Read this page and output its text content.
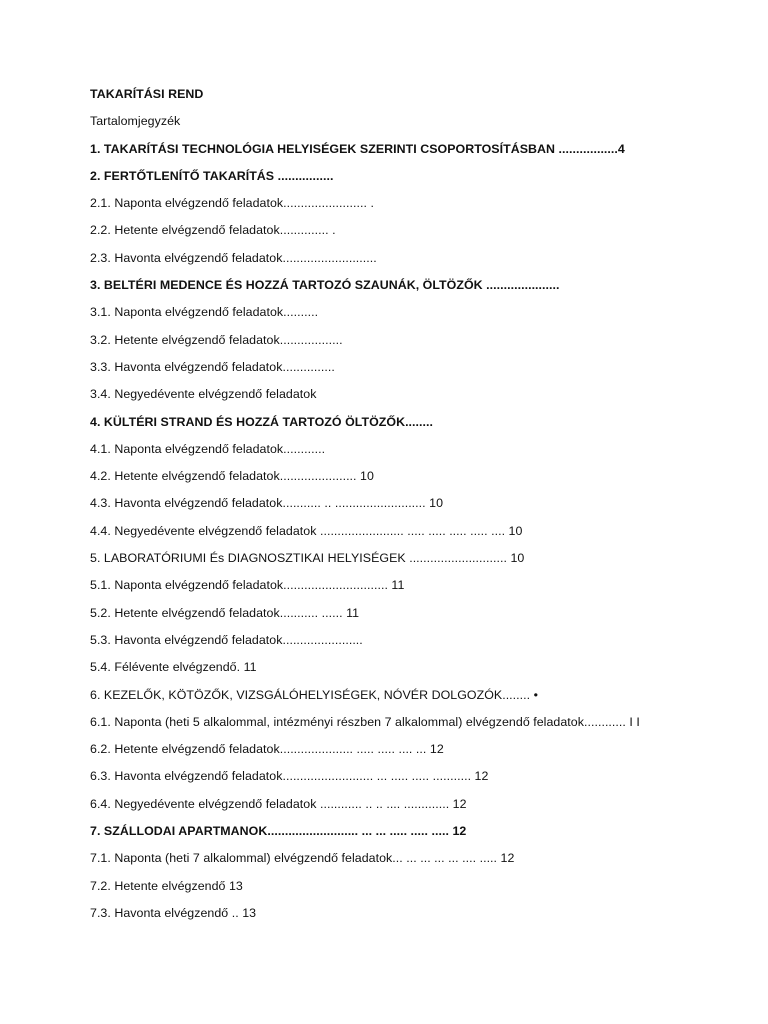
TAKARÍTÁSI REND
Tartalomjegyzék
1. TAKARÍTÁSI TECHNOLÓGIA HELYISÉGEK SZERINTI CSOPORTOSÍTÁSBAN .................4
2. FERTŐTLENÍTŐ TAKARÍTÁS ................
2.1. Naponta elvégzendő feladatok........................ .
2.2. Hetente elvégzendő feladatok.............. .
2.3. Havonta elvégzendő feladatok...........................
3. BELTÉRI MEDENCE ÉS HOZZÁ TARTOZÓ SZAUNÁK, ÖLTÖZŐK .....................
3.1. Naponta elvégzendő feladatok..........
3.2. Hetente elvégzendő feladatok..................
3.3. Havonta elvégzendő feladatok...............
3.4. Negyedévente elvégzendő feladatok
4. KÜLTÉRI STRAND ÉS HOZZÁ TARTOZÓ ÖLTÖZŐK........
4.1. Naponta elvégzendő feladatok............
4.2. Hetente elvégzendő feladatok...................... 10
4.3. Havonta elvégzendő feladatok........... .. .......................... 10
4.4. Negyedévente elvégzendő feladatok ........................ ..... ..... ..... ..... .... 10
5. LABORATÓRIUMI És DIAGNOSZTIKAI HELYISÉGEK ............................ 10
5.1. Naponta elvégzendő feladatok.............................. 11
5.2. Hetente elvégzendő feladatok........... ...... 11
5.3. Havonta elvégzendő feladatok.......................
5.4. Félévente elvégzendő. 11
6. KEZELŐK, KÖTÖZŐK, VIZSGÁLÓHELYISÉGEK, NÓVÉR DOLGOZÓK........ •
6.1. Naponta (heti 5 alkalommal, intézményi részben 7 alkalommal) elvégzendő feladatok............ I I
6.2. Hetente elvégzendő feladatok..................... ..... ..... .... ... 12
6.3. Havonta elvégzendő feladatok.......................... ... ..... ..... ........... 12
6.4. Negyedévente elvégzendő feladatok ............ .. .. .... ............. 12
7. SZÁLLODAI APARTMANOK.......................... ... ... ..... ..... ..... 12
7.1. Naponta (heti 7 alkalommal) elvégzendő feladatok... ... ... ... ... .... ..... 12
7.2. Hetente elvégzendő 13
7.3. Havonta elvégzendő .. 13
